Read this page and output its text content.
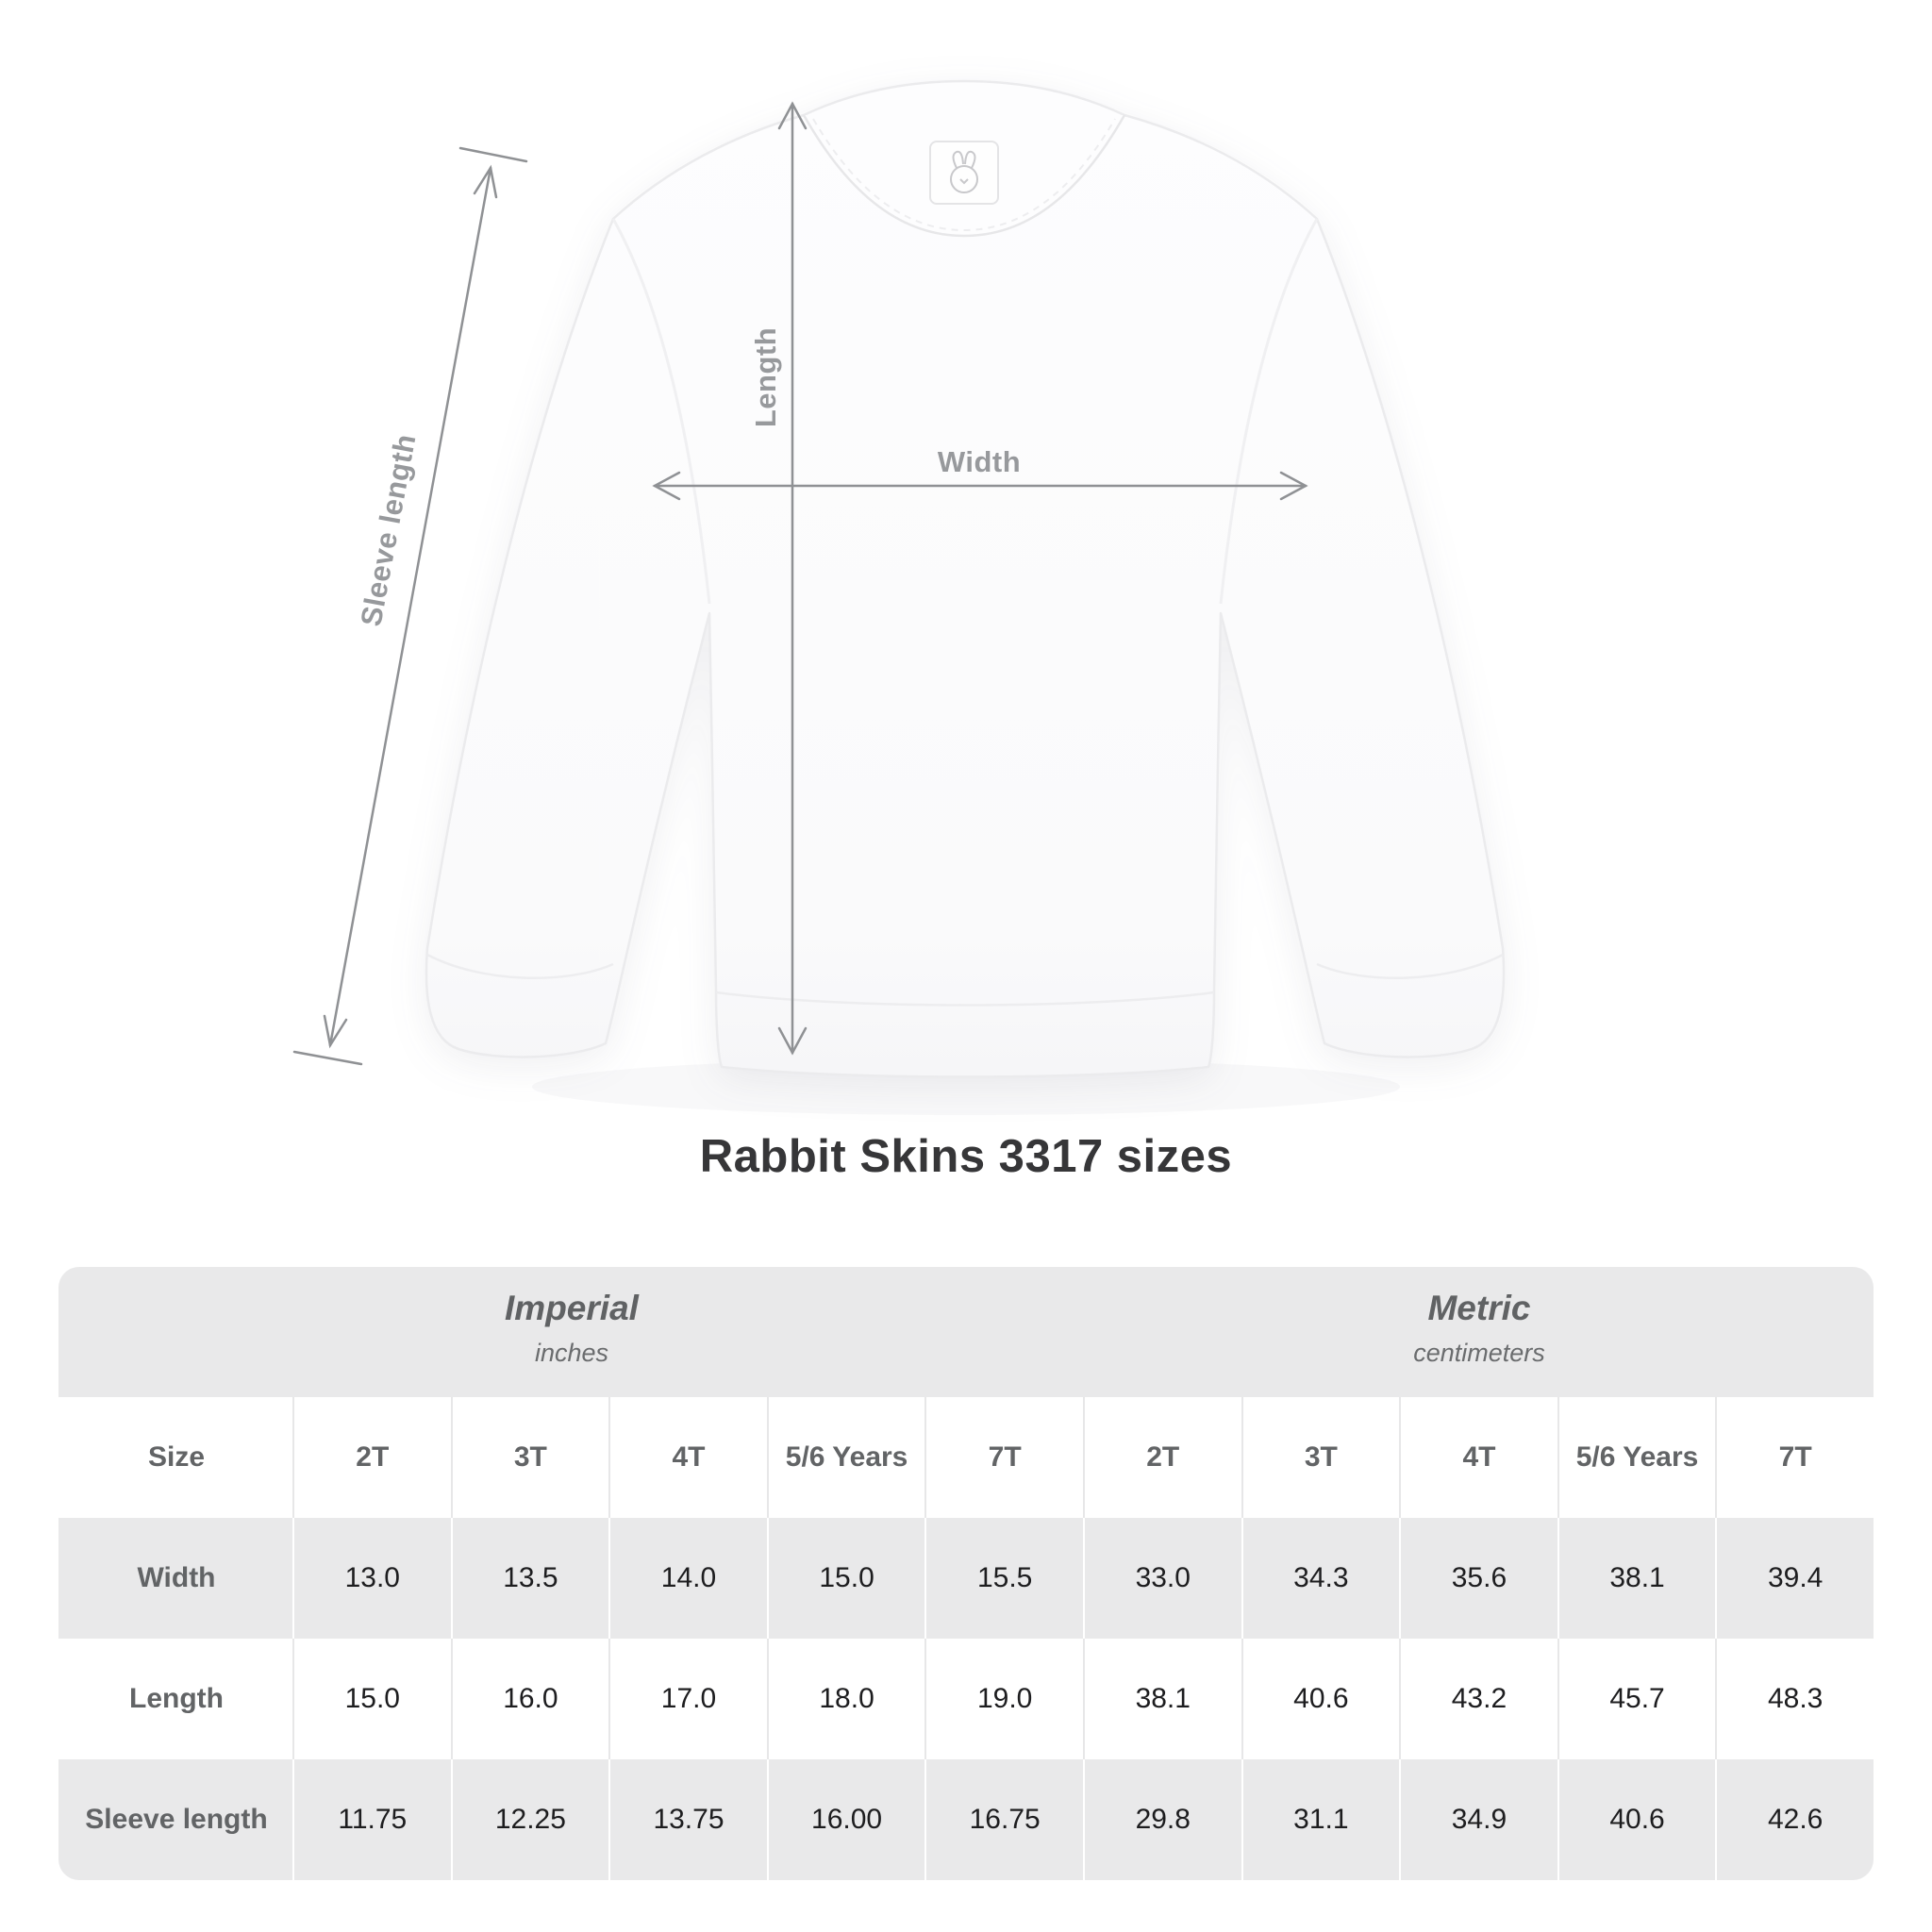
Sleeve length
Length
Width
Rabbit Skins 3317 sizes
Imperial
inches

Metric
centimeters

Size	2T	3T	4T	5/6 Years	7T	2T	3T	4T	5/6 Years	7T
Width	13.0	13.5	14.0	15.0	15.5	33.0	34.3	35.6	38.1	39.4
Length	15.0	16.0	17.0	18.0	19.0	38.1	40.6	43.2	45.7	48.3
Sleeve length	11.75	12.25	13.75	16.00	16.75	29.8	31.1	34.9	40.6	42.6
